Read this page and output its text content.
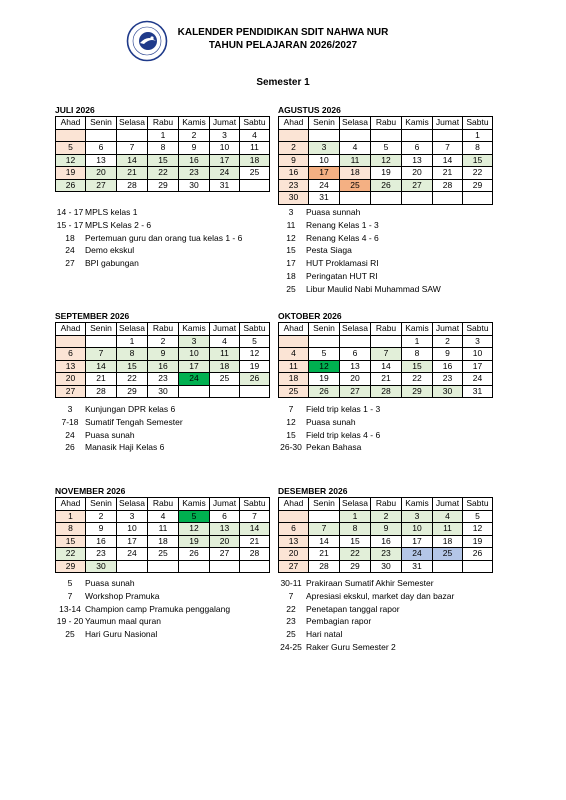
KALENDER PENDIDIKAN SDIT NAHWA NUR
TAHUN PELAJARAN 2026/2027
Semester 1
JULI 2026
Ahad	Senin	Selasa	Rabu	Kamis	Jumat	Sabtu
			1	2	3	4
5	6	7	8	9	10	11
12	13	14	15	16	17	18
19	20	21	22	23	24	25
26	27	28	29	30	31	
AGUSTUS 2026
Ahad	Senin	Selasa	Rabu	Kamis	Jumat	Sabtu
						1
2	3	4	5	6	7	8
9	10	11	12	13	14	15
16	17	18	19	20	21	22
23	24	25	26	27	28	29
30	31					
SEPTEMBER 2026
Ahad	Senin	Selasa	Rabu	Kamis	Jumat	Sabtu
		1	2	3	4	5
6	7	8	9	10	11	12
13	14	15	16	17	18	19
20	21	22	23	24	25	26
27	28	29	30			
OKTOBER 2026
Ahad	Senin	Selasa	Rabu	Kamis	Jumat	Sabtu
				1	2	3
4	5	6	7	8	9	10
11	12	13	14	15	16	17
18	19	20	21	22	23	24
25	26	27	28	29	30	31
NOVEMBER 2026
Ahad	Senin	Selasa	Rabu	Kamis	Jumat	Sabtu
1	2	3	4	5	6	7
8	9	10	11	12	13	14
15	16	17	18	19	20	21
22	23	24	25	26	27	28
29	30					
DESEMBER 2026
Ahad	Senin	Selasa	Rabu	Kamis	Jumat	Sabtu
		1	2	3	4	5
6	7	8	9	10	11	12
13	14	15	16	17	18	19
20	21	22	23	24	25	26
27	28	29	30	31		
14 - 17 MPLS kelas 1
15 - 17 MPLS Kelas 2 - 6
18 Pertemuan guru dan orang tua kelas 1 - 6
24 Demo ekskul
27 BPI gabungan
3 Puasa sunnah
11 Renang Kelas 1 - 3
12 Renang Kelas 4 - 6
15 Pesta Siaga
17 HUT Proklamasi RI
18 Peringatan HUT RI
25 Libur Maulid Nabi Muhammad SAW
3 Kunjungan DPR kelas 6
7-18 Sumatif Tengah Semester
24 Puasa sunah
26 Manasik Haji Kelas 6
7 Field trip kelas 1 - 3
12 Puasa sunah
15 Field trip kelas 4 - 6
26-30 Pekan Bahasa
5 Puasa sunah
7 Workshop Pramuka
13-14 Champion camp Pramuka penggalang
19 - 20 Yaumun maal quran
25 Hari Guru Nasional
30-11 Prakiraan Sumatif Akhir Semester
7 Apresiasi ekskul, market day dan bazar
22 Penetapan tanggal rapor
23 Pembagian rapor
25 Hari natal
24-25 Raker Guru Semester 2
